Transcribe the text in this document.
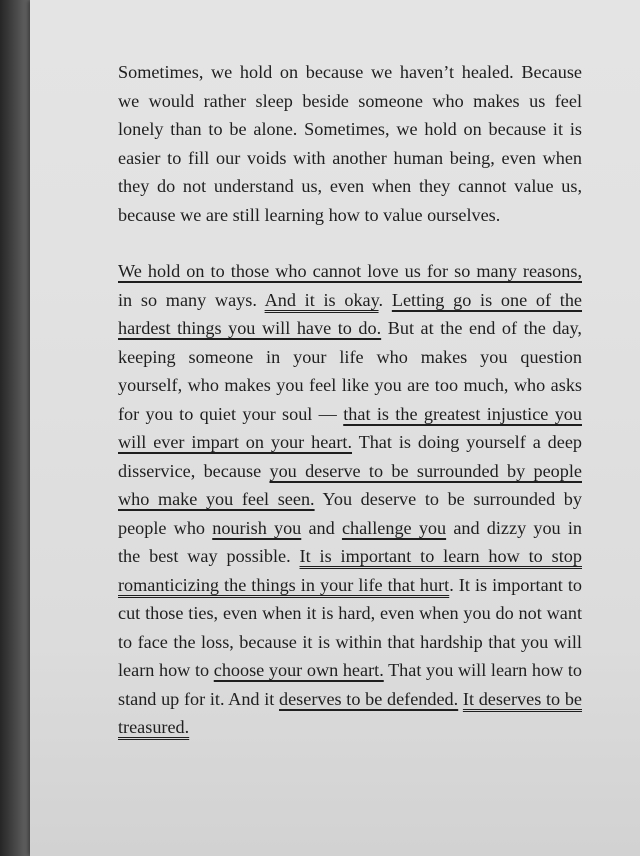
Sometimes, we hold on because we haven’t healed. Because we would rather sleep beside someone who makes us feel lonely than to be alone. Sometimes, we hold on because it is easier to fill our voids with another human being, even when they do not understand us, even when they cannot value us, because we are still learning how to value ourselves.

We hold on to those who cannot love us for so many reasons, in so many ways. And it is okay. Letting go is one of the hardest things you will have to do. But at the end of the day, keeping someone in your life who makes you question yourself, who makes you feel like you are too much, who asks for you to quiet your soul — that is the greatest injustice you will ever impart on your heart. That is doing yourself a deep disservice, because you deserve to be surrounded by people who make you feel seen. You deserve to be surrounded by people who nourish you and challenge you and dizzy you in the best way possible. It is important to learn how to stop romanticizing the things in your life that hurt. It is important to cut those ties, even when it is hard, even when you do not want to face the loss, because it is within that hardship that you will learn how to choose your own heart. That you will learn how to stand up for it. And it deserves to be defended. It deserves to be treasured.
